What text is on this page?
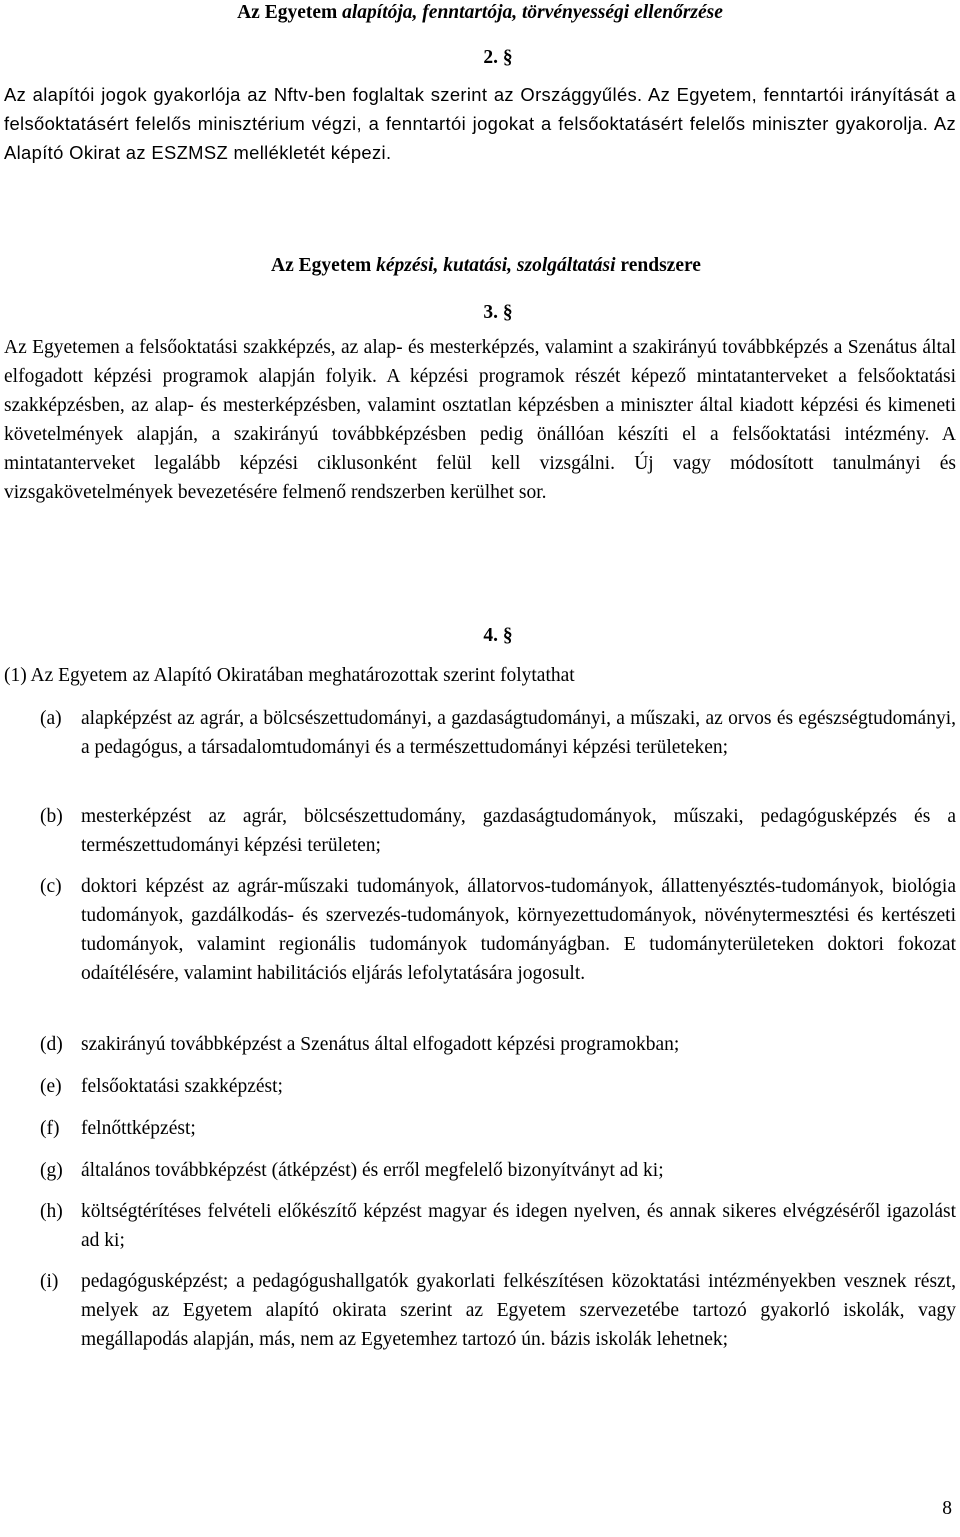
Az Egyetem alapítója, fenntartója, törvényességi ellenőrzése
2. §
Az alapítói jogok gyakorlója az Nftv-ben foglaltak szerint az Országgyűlés. Az Egyetem, fenntartói irányítását a felsőoktatásért felelős minisztérium végzi, a fenntartói jogokat a felsőoktatásért felelős miniszter gyakorolja. Az Alapító Okirat az ESZMSZ mellékletét képezi.
Az Egyetem képzési, kutatási, szolgáltatási rendszere
3. §
Az Egyetemen a felsőoktatási szakképzés, az alap- és mesterképzés, valamint a szakirányú továbbképzés a Szenátus által elfogadott képzési programok alapján folyik. A képzési programok részét képező mintatanterveket a felsőoktatási szakképzésben, az alap- és mesterképzésben, valamint osztatlan képzésben a miniszter által kiadott képzési és kimeneti követelmények alapján, a szakirányú továbbképzésben pedig önállóan készíti el a felsőoktatási intézmény. A mintatanterveket legalább képzési ciklusonként felül kell vizsgálni. Új vagy módosított tanulmányi és vizsgakövetelmények bevezetésére felmenő rendszerben kerülhet sor.
4. §
(1) Az Egyetem az Alapító Okiratában meghatározottak szerint folytathat
(a) alapképzést az agrár, a bölcsészettudományi, a gazdaságtudományi, a műszaki, az orvos és egészségtudományi, a pedagógus, a társadalomtudományi és a természettudományi képzési területeken;
(b) mesterképzést az agrár, bölcsészettudomány, gazdaságtudományok, műszaki, pedagógusképzés és a természettudományi képzési területen;
(c) doktori képzést az agrár-műszaki tudományok, állatorvos-tudományok, állattenyésztés-tudományok, biológia tudományok, gazdálkodás- és szervezés-tudományok, környezettudományok, növénytermesztési és kertészeti tudományok, valamint regionális tudományok tudományágban. E tudományterületeken doktori fokozat odaítélésére, valamint habilitációs eljárás lefolytatására jogosult.
(d) szakirányú továbbképzést a Szenátus által elfogadott képzési programokban;
(e) felsőoktatási szakképzést;
(f)	felnőttképzést;
(g) általános továbbképzést (átképzést) és erről megfelelő bizonyítványt ad ki;
(h) költségtérítéses felvételi előkészítő képzést magyar és idegen nyelven, és annak sikeres elvégzéséről igazolást ad ki;
(i)	pedagógusképzést; a pedagógushallgatók gyakorlati felkészítésen közoktatási intézményekben vesznek részt, melyek az Egyetem alapító okirata szerint az Egyetem szervezetébe tartozó gyakorló iskolák, vagy megállapodás alapján, más, nem az Egyetemhez tartozó ún. bázis iskolák lehetnek;
8
